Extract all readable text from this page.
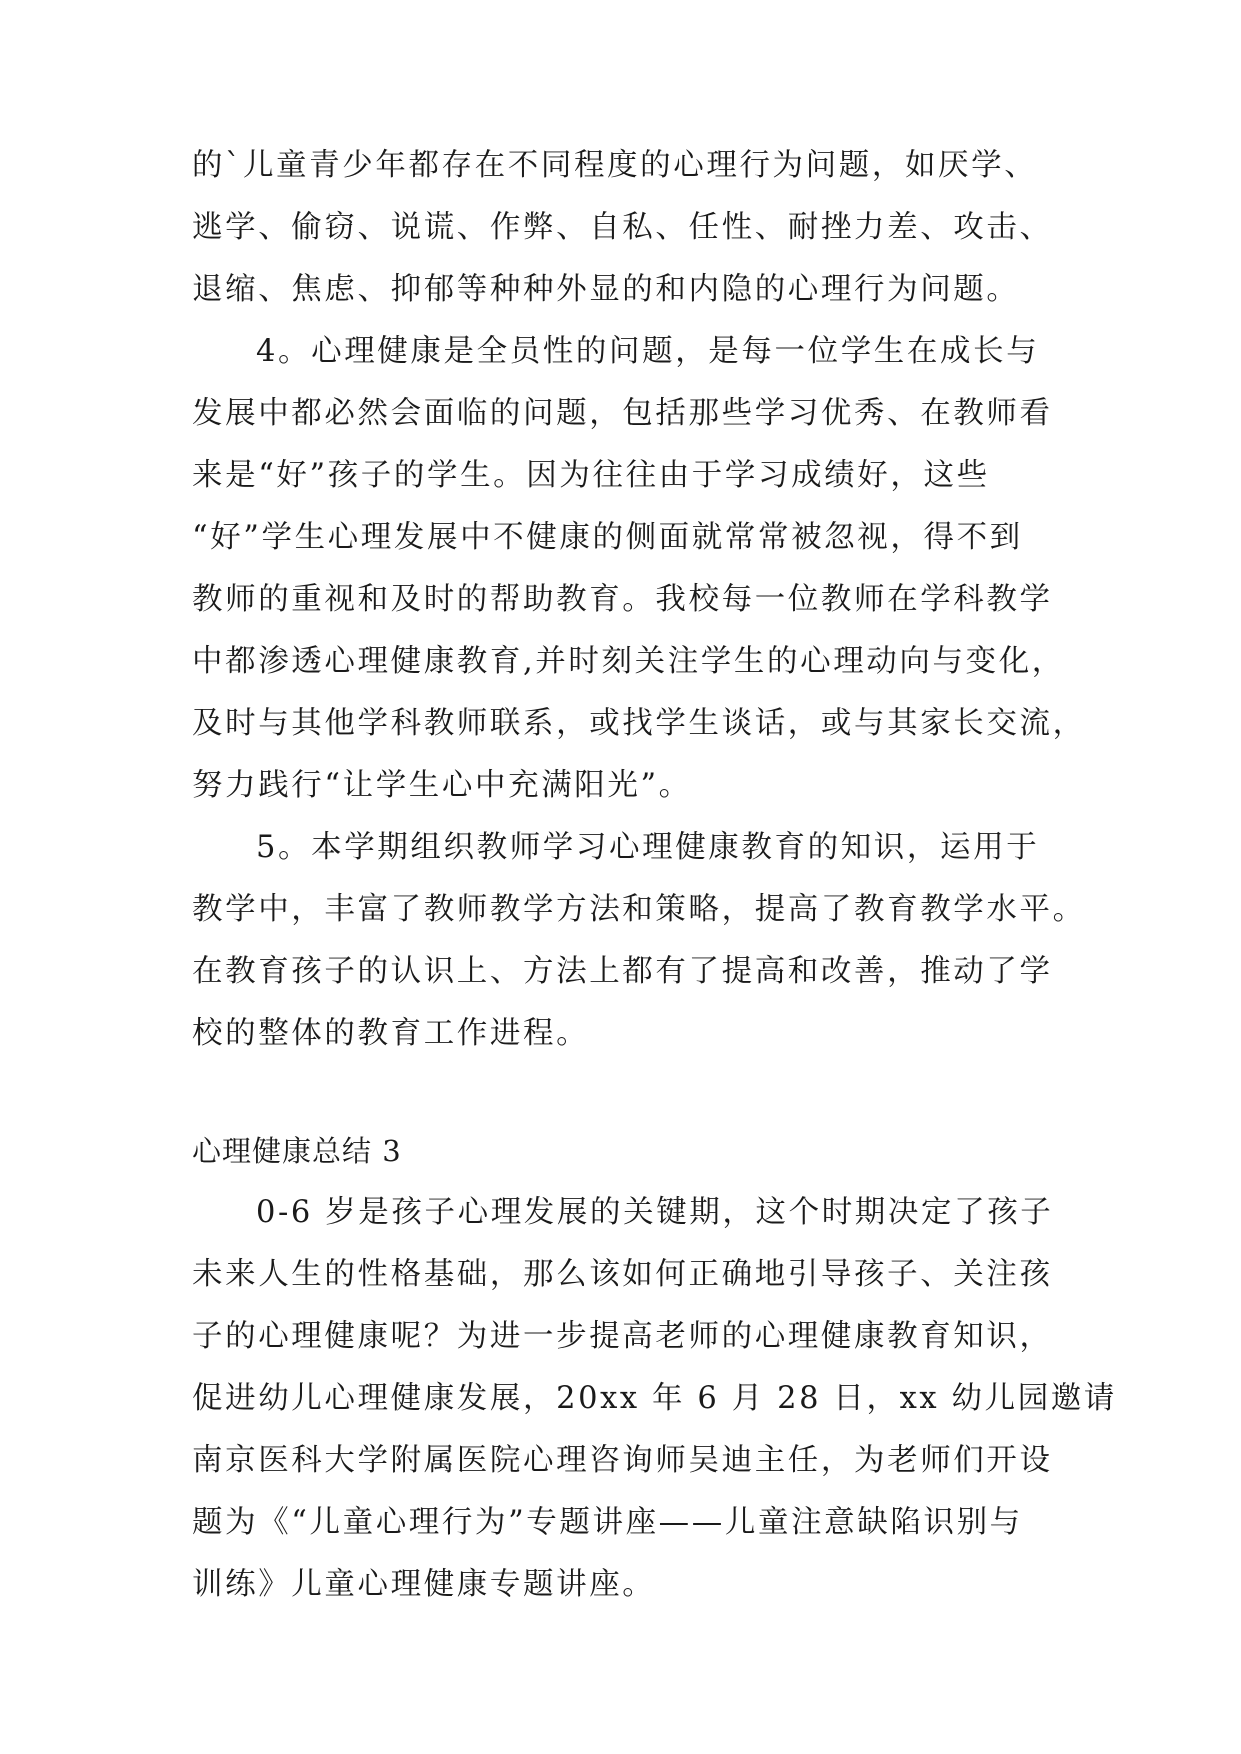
的`儿童青少年都存在不同程度的心理行为问题，如厌学、
逃学、偷窃、说谎、作弊、自私、任性、耐挫力差、攻击、
退缩、焦虑、抑郁等种种外显的和内隐的心理行为问题。
4。心理健康是全员性的问题，是每一位学生在成长与
发展中都必然会面临的问题，包括那些学习优秀、在教师看
来是“好”孩子的学生。因为往往由于学习成绩好，这些
“好”学生心理发展中不健康的侧面就常常被忽视，得不到
教师的重视和及时的帮助教育。我校每一位教师在学科教学
中都渗透心理健康教育,并时刻关注学生的心理动向与变化，
及时与其他学科教师联系，或找学生谈话，或与其家长交流，
努力践行“让学生心中充满阳光”。
5。本学期组织教师学习心理健康教育的知识，运用于
教学中，丰富了教师教学方法和策略，提高了教育教学水平。
在教育孩子的认识上、方法上都有了提高和改善，推动了学
校的整体的教育工作进程。
心理健康总结 3
0-6 岁是孩子心理发展的关键期，这个时期决定了孩子
未来人生的性格基础，那么该如何正确地引导孩子、关注孩
子的心理健康呢？为进一步提高老师的心理健康教育知识，
促进幼儿心理健康发展，20xx 年 6 月 28 日，xx 幼儿园邀请
南京医科大学附属医院心理咨询师吴迪主任，为老师们开设
题为《“儿童心理行为”专题讲座——儿童注意缺陷识别与
训练》儿童心理健康专题讲座。
